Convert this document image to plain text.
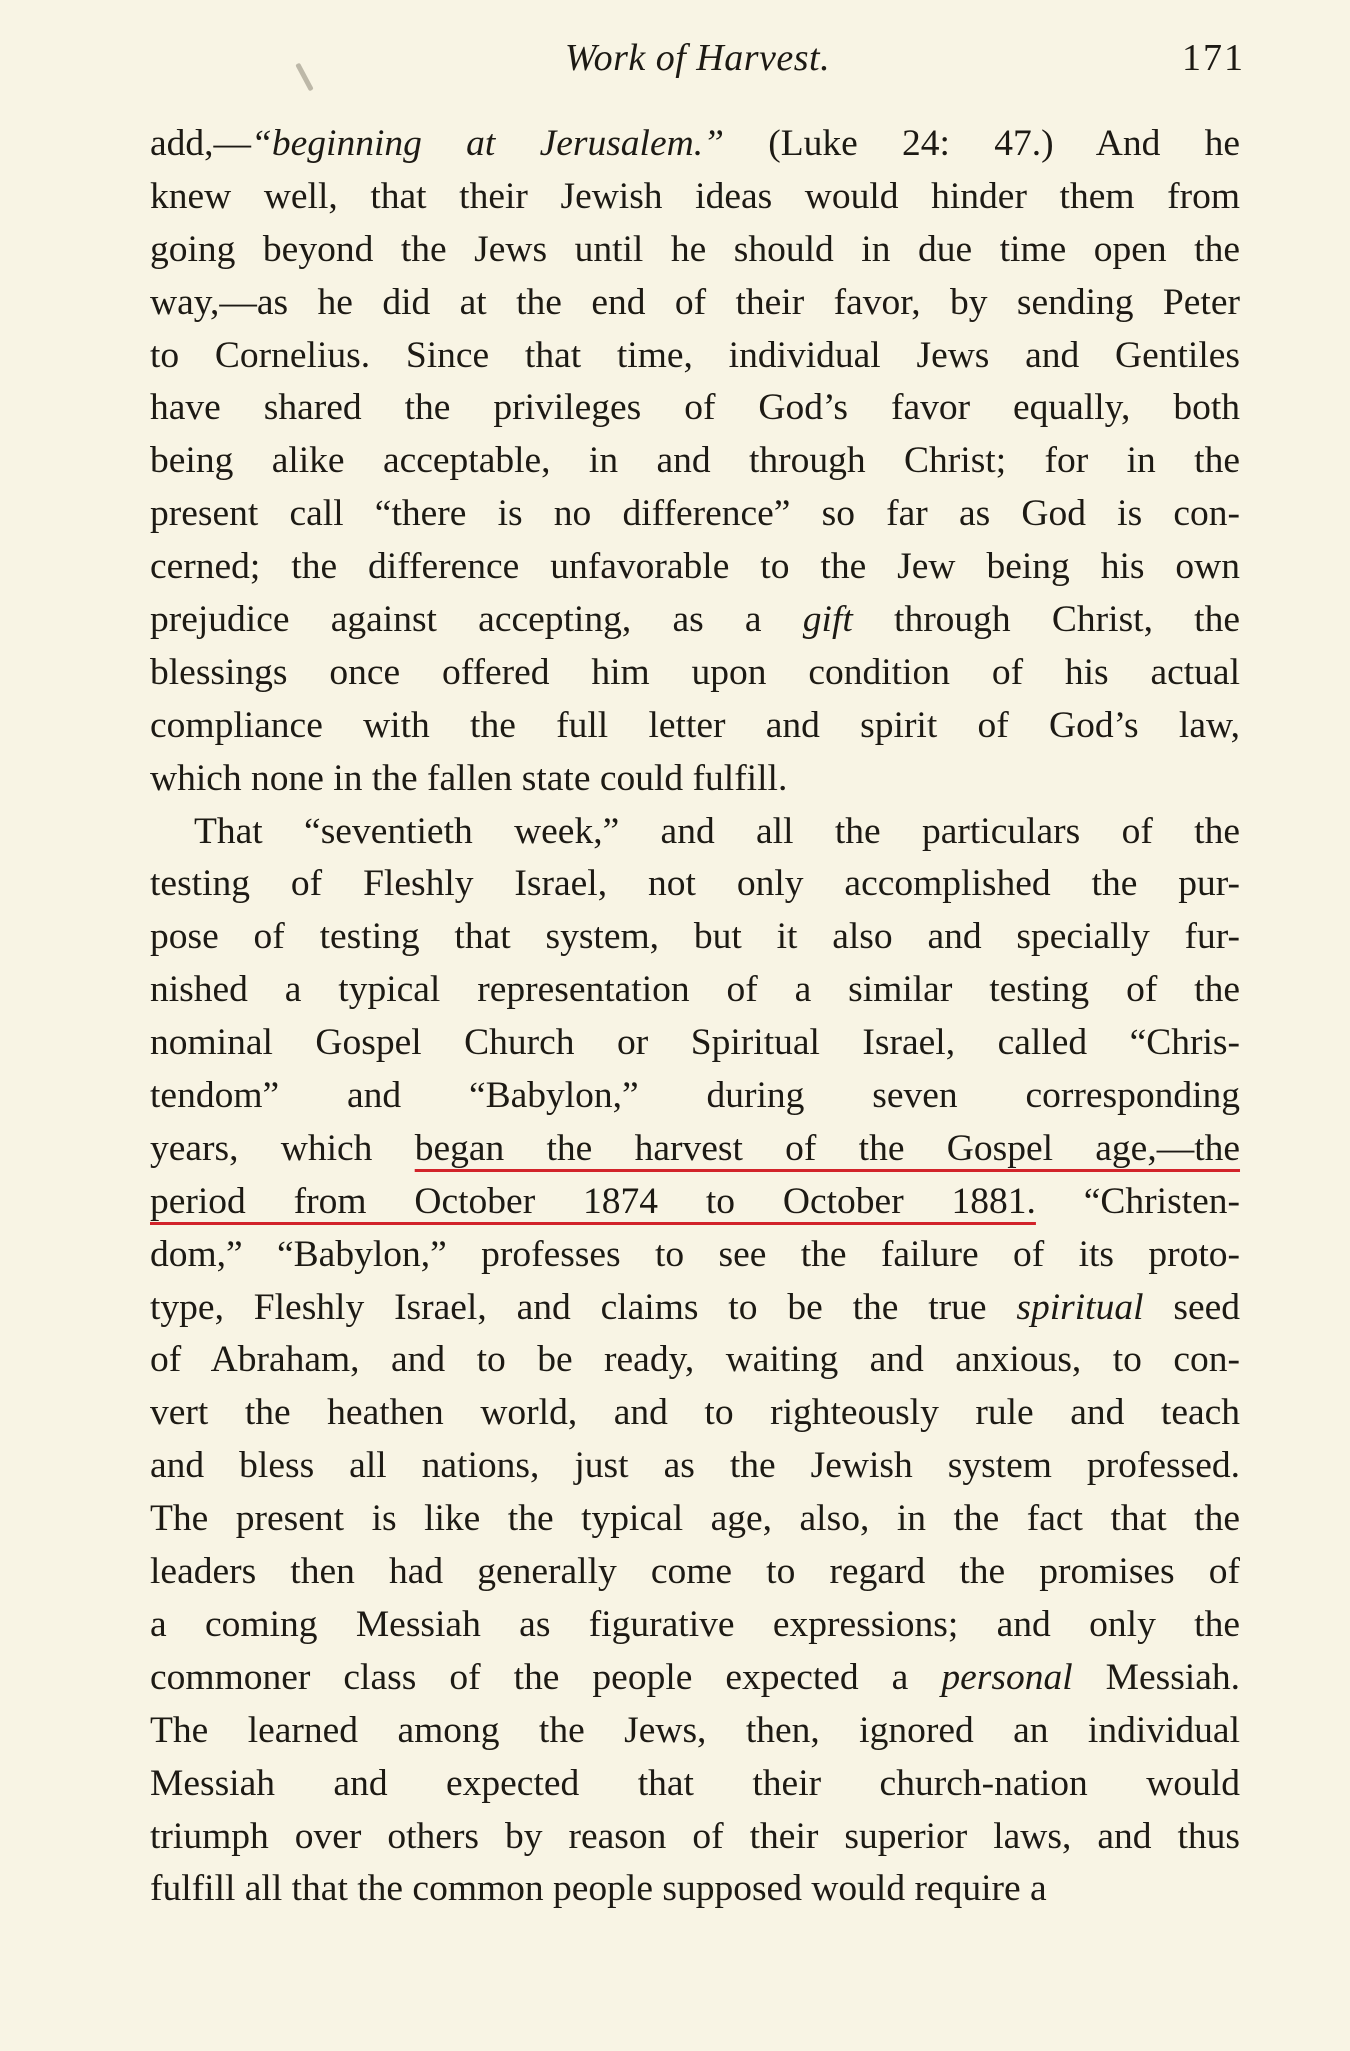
Work of Harvest.	171
add,—“beginning at Jerusalem.” (Luke 24: 47.) And he
knew well, that their Jewish ideas would hinder them from
going beyond the Jews until he should in due time open the
way,—as he did at the end of their favor, by sending Peter
to Cornelius. Since that time, individual Jews and Gentiles
have shared the privileges of God’s favor equally, both
being alike acceptable, in and through Christ; for in the
present call “there is no difference” so far as God is con-
cerned; the difference unfavorable to the Jew being his own
prejudice against accepting, as a gift through Christ, the
blessings once offered him upon condition of his actual
compliance with the full letter and spirit of God’s law,
which none in the fallen state could fulfill.
That “seventieth week,” and all the particulars of the
testing of Fleshly Israel, not only accomplished the pur-
pose of testing that system, but it also and specially fur-
nished a typical representation of a similar testing of the
nominal Gospel Church or Spiritual Israel, called “Chris-
tendom” and “Babylon,” during seven corresponding
years, which began the harvest of the Gospel age,—the
period from October 1874 to October 1881. “Christen-
dom,” “Babylon,” professes to see the failure of its proto-
type, Fleshly Israel, and claims to be the true spiritual seed
of Abraham, and to be ready, waiting and anxious, to con-
vert the heathen world, and to righteously rule and teach
and bless all nations, just as the Jewish system professed.
The present is like the typical age, also, in the fact that the
leaders then had generally come to regard the promises of
a coming Messiah as figurative expressions; and only the
commoner class of the people expected a personal Messiah.
The learned among the Jews, then, ignored an individual
Messiah and expected that their church-nation would
triumph over others by reason of their superior laws, and thus
fulfill all that the common people supposed would require a
